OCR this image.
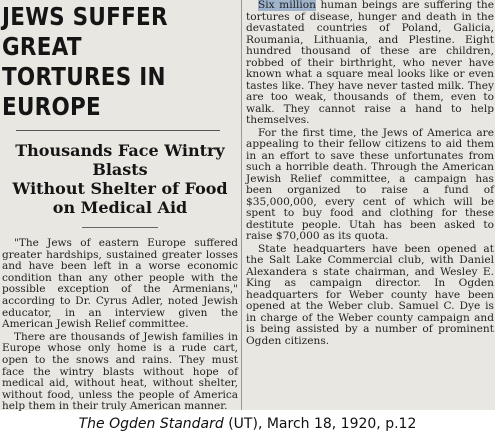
JEWS SUFFER GREAT
TORTURES IN EUROPE
Thousands Face Wintry Blasts
Without Shelter of Food
on Medical Aid

"The Jews of eastern Europe suffered greater hardships, sustained greater losses and have been left in a worse economic condition than any other people with the possible exception of the Armenians," according to Dr. Cyrus Adler, noted Jewish educator, in an interview given the American Jewish Relief committee.

There are thousands of Jewish families in Europe whose only home is a rude cart, open to the snows and rains. They must face the wintry blasts without hope of medical aid, without heat, without shelter, without food, unless the people of America help them in their truly American manner.

Six million human beings are suffering the tortures of disease, hunger and death in the devastated countries of Poland, Galicia, Roumania, Lithuania, and Plestine. Eight hundred thousand of these are children, robbed of their birthright, who never have known what a square meal looks like or even tastes like. They have never tasted milk. They are too weak, thousands of them, even to walk. They cannot raise a hand to help themselves.

For the first time, the Jews of America are appealing to their fellow citizens to aid them in an effort to save these unfortunates from such a horrible death. Through the American Jewish Relief committee, a campaign has been organized to raise a fund of $35,000,000, every cent of which will be spent to buy food and clothing for these destitute people. Utah has been asked to raise $70,000 as its quota.

State headquarters have been opened at the Salt Lake Commercial club, with Daniel Alexandera s state chairman, and Wesley E. King as campaign director. In Ogden headquarters for Weber county have been opened at the Weber club. Samuel C. Dye is in charge of the Weber county campaign and is being assisted by a number of prominent Ogden citizens.

The Ogden Standard (UT), March 18, 1920, p.12
